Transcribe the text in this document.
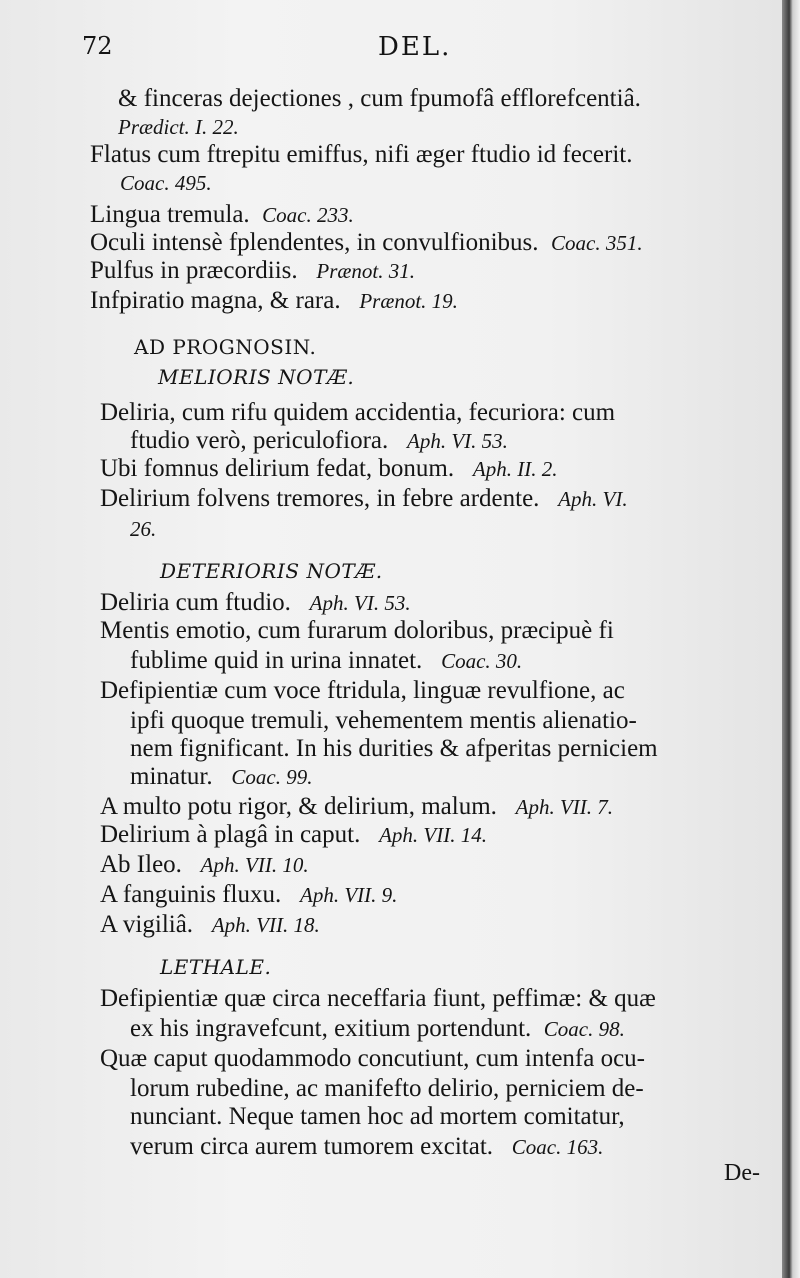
72	DEL.
& finceras dejectiones , cum fpumofâ efflorefcentiâ.
Prædict. I. 22.
Flatus cum ftrepitu emiffus, nifi æger ftudio id fecerit.
Coac. 495.
Lingua tremula. Coac. 233.
Oculi intensè fplendentes, in convulfionibus. Coac. 351.
Pulfus in præcordiis. Prænot. 31.
Infpiratio magna, & rara. Prænot. 19.
AD PROGNOSIN.
MELIORIS NOTÆ.
Deliria, cum rifu quidem accidentia, fecuriora: cum
ftudio verò, periculofiora. Aph. VI. 53.
Ubi fomnus delirium fedat, bonum. Aph. II. 2.
Delirium folvens tremores, in febre ardente. Aph. VI.
26.
DETERIORIS NOTÆ.
Deliria cum ftudio. Aph. VI. 53.
Mentis emotio, cum furarum doloribus, præcipuè fi
fublime quid in urina innatet. Coac. 30.
Defipientiæ cum voce ftridula, linguæ revulfione, ac
ipfi quoque tremuli, vehementem mentis alienatio-
nem fignificant. In his durities & afperitas perniciem
minatur. Coac. 99.
A multo potu rigor, & delirium, malum. Aph. VII. 7.
Delirium à plagâ in caput. Aph. VII. 14.
Ab Ileo. Aph. VII. 10.
A fanguinis fluxu. Aph. VII. 9.
A vigiliâ. Aph. VII. 18.
LETHALE.
Defipientiæ quæ circa neceffaria fiunt, peffimæ: & quæ
ex his ingravefcunt, exitium portendunt. Coac. 98.
Quæ caput quodammodo concutiunt, cum intenfa ocu-
lorum rubedine, ac manifefto delirio, perniciem de-
nunciant. Neque tamen hoc ad mortem comitatur,
verum circa aurem tumorem excitat. Coac. 163.
De-
